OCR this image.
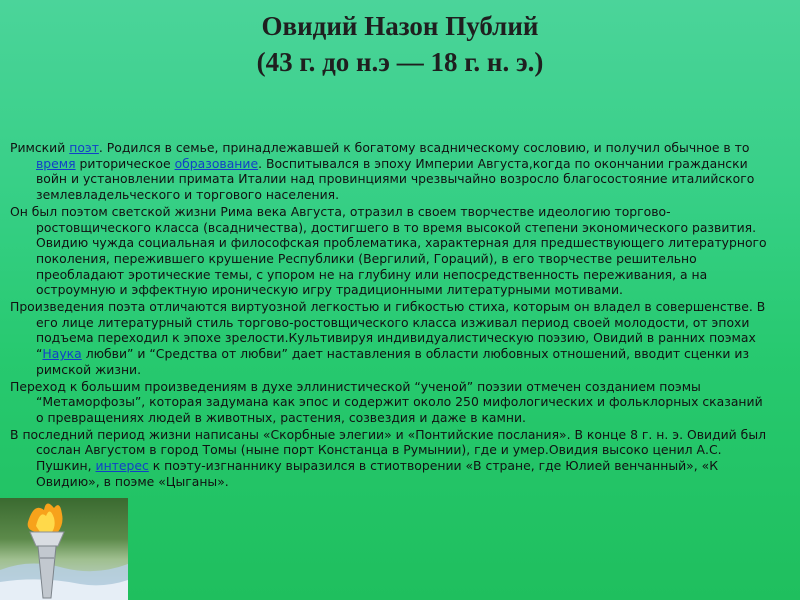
Овидий Назон Публий
(43 г. до н.э — 18 г. н. э.)

Римский поэт. Родился в семье, принадлежавшей к богатому всадническому сословию, и получил обычное в то время риторическое образование. Воспитывался в эпоху Империи Августа,когда по окончании граждански войн и установлении примата Италии над провинциями чрезвычайно возросло благосостояние италийского землевладельческого и торгового населения.

Он был поэтом светской жизни Рима века Августа, отразил в своем творчестве идеологию торгово-ростовщического класса (всадничества), достигшего в то время высокой степени экономического развития. Овидию чужда социальная и философская проблематика, характерная для предшествующего литературного поколения, пережившего крушение Республики (Вергилий, Гораций), в его творчестве решительно преобладают эротические темы, с упором не на глубину или непосредственность переживания, а на остроумную и эффектную ироническую игру традиционными литературными мотивами.

Произведения поэта отличаются виртуозной легкостью и гибкостью стиха, которым он владел в совершенстве. В его лице литературный стиль торгово-ростовщического класса изживал период своей молодости, от эпохи подъема переходил к эпохе зрелости.Культивируя индивидуалистическую поэзию, Овидий в ранних поэмах “Наука любви” и “Средства от любви” дает наставления в области любовных отношений, вводит сценки из римской жизни.

Переход к большим произведениям в духе эллинистической “ученой” поэзии отмечен созданием поэмы “Метаморфозы”, которая задумана как эпос и содержит около 250 мифологических и фольклорных сказаний о превращениях людей в животных, растения, созвездия и даже в камни.

В последний период жизни написаны «Скорбные элегии» и «Понтийские послания». В конце 8 г. н. э. Овидий был сослан Августом в город Томы (ныне порт Констанца в Румынии), где и умер.Овидия высоко ценил А.С. Пушкин, интерес к поэту-изгнаннику выразился в стиотворении «В стране, где Юлией венчанный», «К Овидию», в поэме «Цыганы».
